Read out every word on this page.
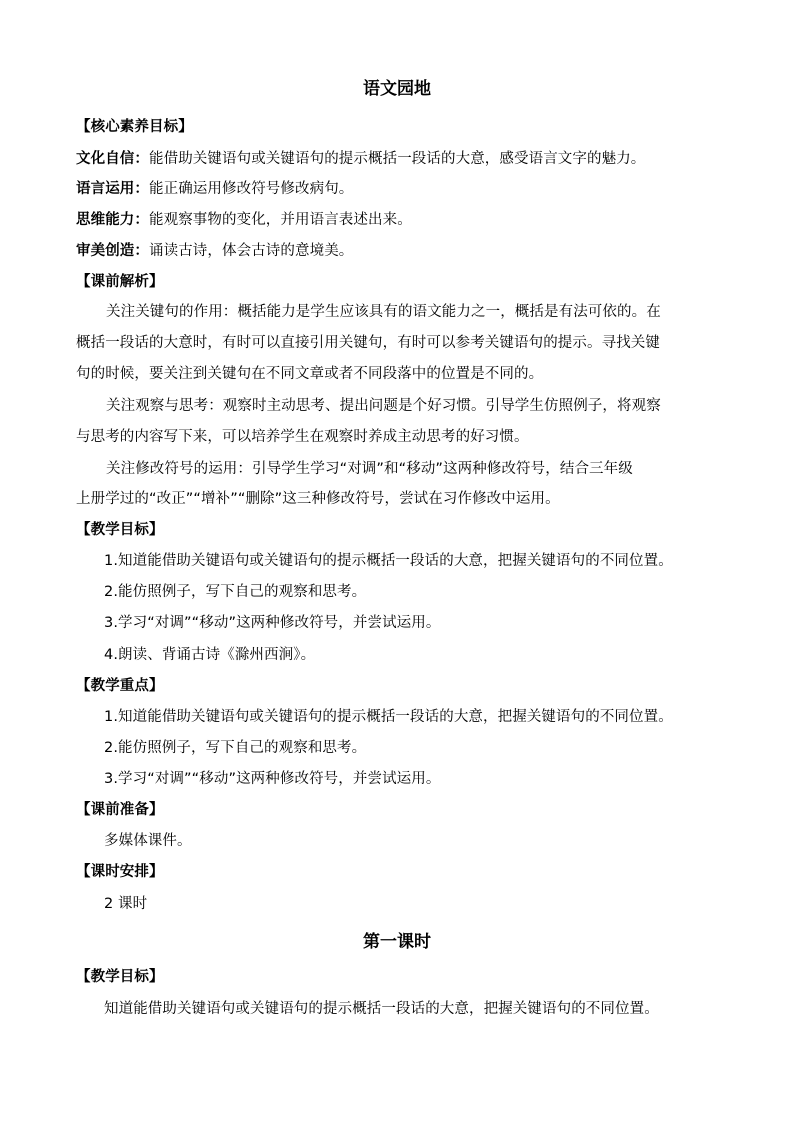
语文园地
【核心素养目标】
文化自信：能借助关键语句或关键语句的提示概括一段话的大意，感受语言文字的魅力。
语言运用：能正确运用修改符号修改病句。
思维能力：能观察事物的变化，并用语言表述出来。
审美创造：诵读古诗，体会古诗的意境美。
【课前解析】
关注关键句的作用：概括能力是学生应该具有的语文能力之一，概括是有法可依的。在
概括一段话的大意时，有时可以直接引用关键句，有时可以参考关键语句的提示。寻找关键
句的时候，要关注到关键句在不同文章或者不同段落中的位置是不同的。
关注观察与思考：观察时主动思考、提出问题是个好习惯。引导学生仿照例子，将观察
与思考的内容写下来，可以培养学生在观察时养成主动思考的好习惯。
关注修改符号的运用：引导学生学习“对调”和“移动”这两种修改符号，结合三年级
上册学过的“改正”“增补”“删除”这三种修改符号，尝试在习作修改中运用。
【教学目标】
1.知道能借助关键语句或关键语句的提示概括一段话的大意，把握关键语句的不同位置。
2.能仿照例子，写下自己的观察和思考。
3.学习“对调”“移动”这两种修改符号，并尝试运用。
4.朗读、背诵古诗《滁州西涧》。
【教学重点】
1.知道能借助关键语句或关键语句的提示概括一段话的大意，把握关键语句的不同位置。
2.能仿照例子，写下自己的观察和思考。
3.学习“对调”“移动”这两种修改符号，并尝试运用。
【课前准备】
多媒体课件。
【课时安排】
2 课时
第一课时
【教学目标】
知道能借助关键语句或关键语句的提示概括一段话的大意，把握关键语句的不同位置。
